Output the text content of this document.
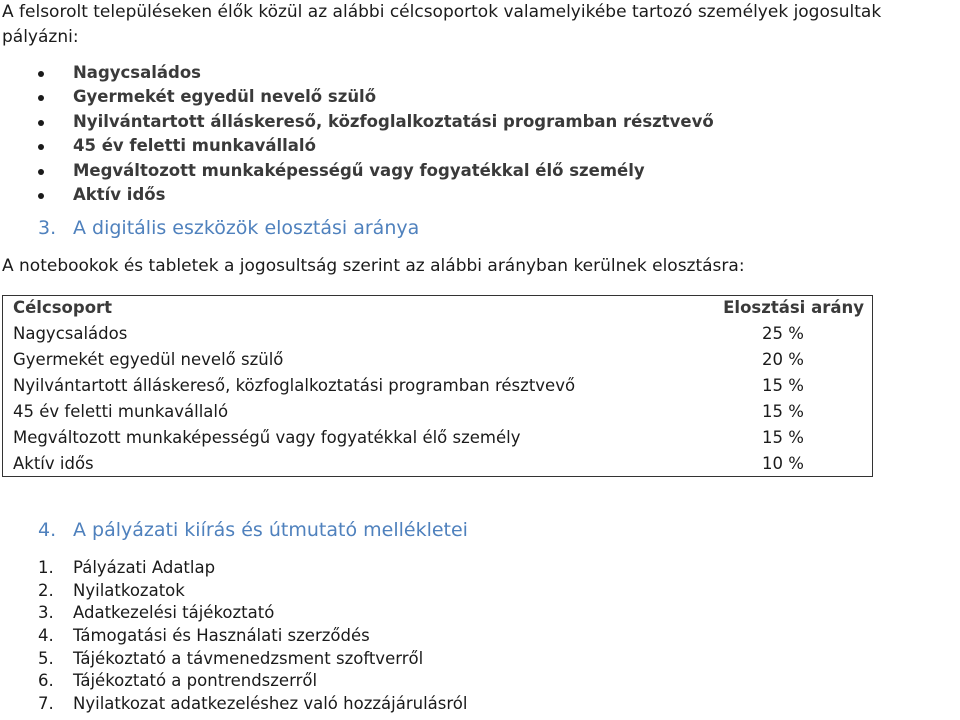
A felsorolt településeken élők közül az alábbi célcsoportok valamelyikébe tartozó személyek jogosultak pályázni:

Nagycsaládos
Gyermekét egyedül nevelő szülő
Nyilvántartott álláskereső, közfoglalkoztatási programban résztvevő
45 év feletti munkavállaló
Megváltozott munkaképességű vagy fogyatékkal élő személy
Aktív idős
3. A digitális eszközök elosztási aránya

A notebookok és tabletek a jogosultság szerint az alábbi arányban kerülnek elosztásra:

Célcsoport	Elosztási arány
Nagycsaládos	25 %
Gyermekét egyedül nevelő szülő	20 %
Nyilvántartott álláskereső, közfoglalkoztatási programban résztvevő	15 %
45 év feletti munkavállaló	15 %
Megváltozott munkaképességű vagy fogyatékkal élő személy	15 %
Aktív idős	10 %
4. A pályázati kiírás és útmutató mellékletei
1. Pályázati Adatlap
2. Nyilatkozatok
3. Adatkezelési tájékoztató
4. Támogatási és Használati szerződés
5. Tájékoztató a távmenedzsment szoftverről
6. Tájékoztató a pontrendszerről
7. Nyilatkozat adatkezeléshez való hozzájárulásról
